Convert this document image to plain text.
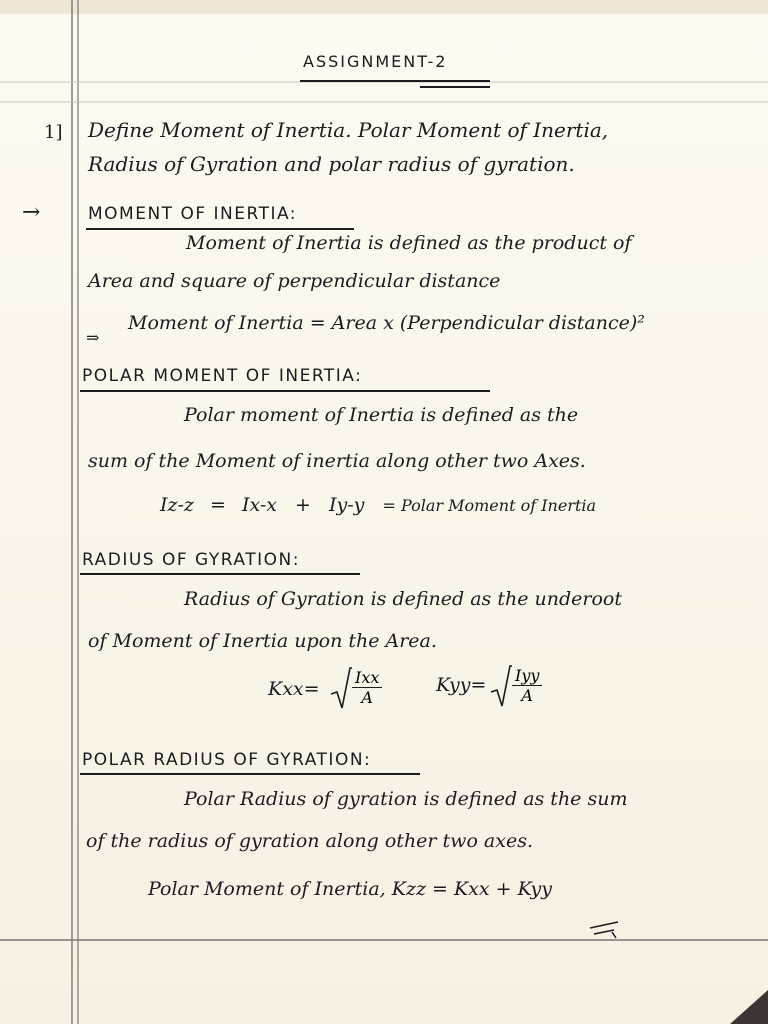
ASSIGNMENT-2
1] Define Moment of Inertia. Polar Moment of Inertia,
Radius of Gyration and polar radius of gyration.
→	MOMENT OF INERTIA:
Moment of Inertia is defined as the product of
Area and square of perpendicular distance
⇒
Moment of Inertia = Area x (Perpendicular distance)²
POLAR MOMENT OF INERTIA:
Polar moment of Inertia is defined as the
sum of the Moment of inertia along other two Axes.
Iz-z = Ix-x + Iy-y = Polar Moment of Inertia
RADIUS OF GYRATION:
Radius of Gyration is defined as the underoot
of Moment of Inertia upon the Area.
Kxx=
Ixx
A
Kyy= Iyy
A
POLAR RADIUS OF GYRATION:
Polar Radius of gyration is defined as the sum
of the radius of gyration along other two axes.
Polar Moment of Inertia, Kzz = Kxx + Kyy
